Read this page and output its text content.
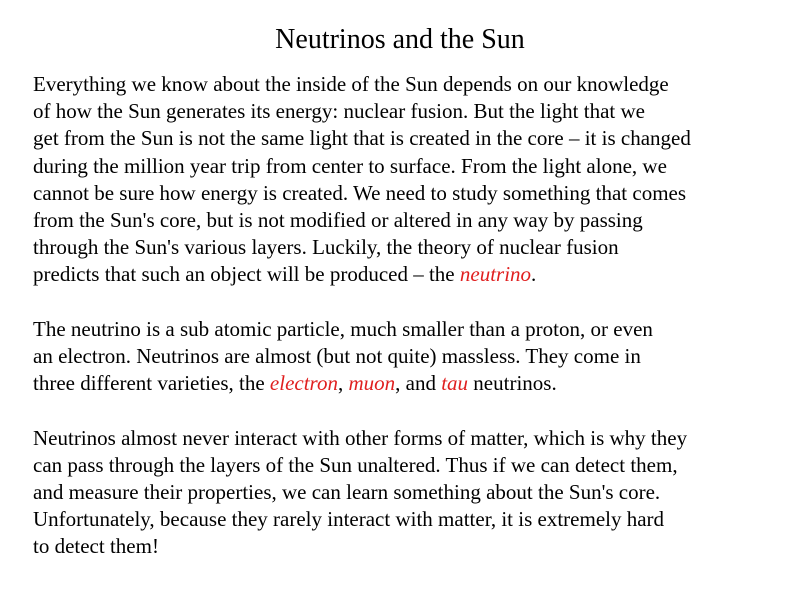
Neutrinos and the Sun

Everything we know about the inside of the Sun depends on our knowledge
of how the Sun generates its energy: nuclear fusion. But the light that we
get from the Sun is not the same light that is created in the core – it is changed
during the million year trip from center to surface. From the light alone, we
cannot be sure how energy is created. We need to study something that comes
from the Sun's core, but is not modified or altered in any way by passing
through the Sun's various layers. Luckily, the theory of nuclear fusion
predicts that such an object will be produced – the neutrino.

The neutrino is a sub atomic particle, much smaller than a proton, or even
an electron. Neutrinos are almost (but not quite) massless. They come in
three different varieties, the electron, muon, and tau neutrinos.

Neutrinos almost never interact with other forms of matter, which is why they
can pass through the layers of the Sun unaltered. Thus if we can detect them,
and measure their properties, we can learn something about the Sun's core.
Unfortunately, because they rarely interact with matter, it is extremely hard
to detect them!
